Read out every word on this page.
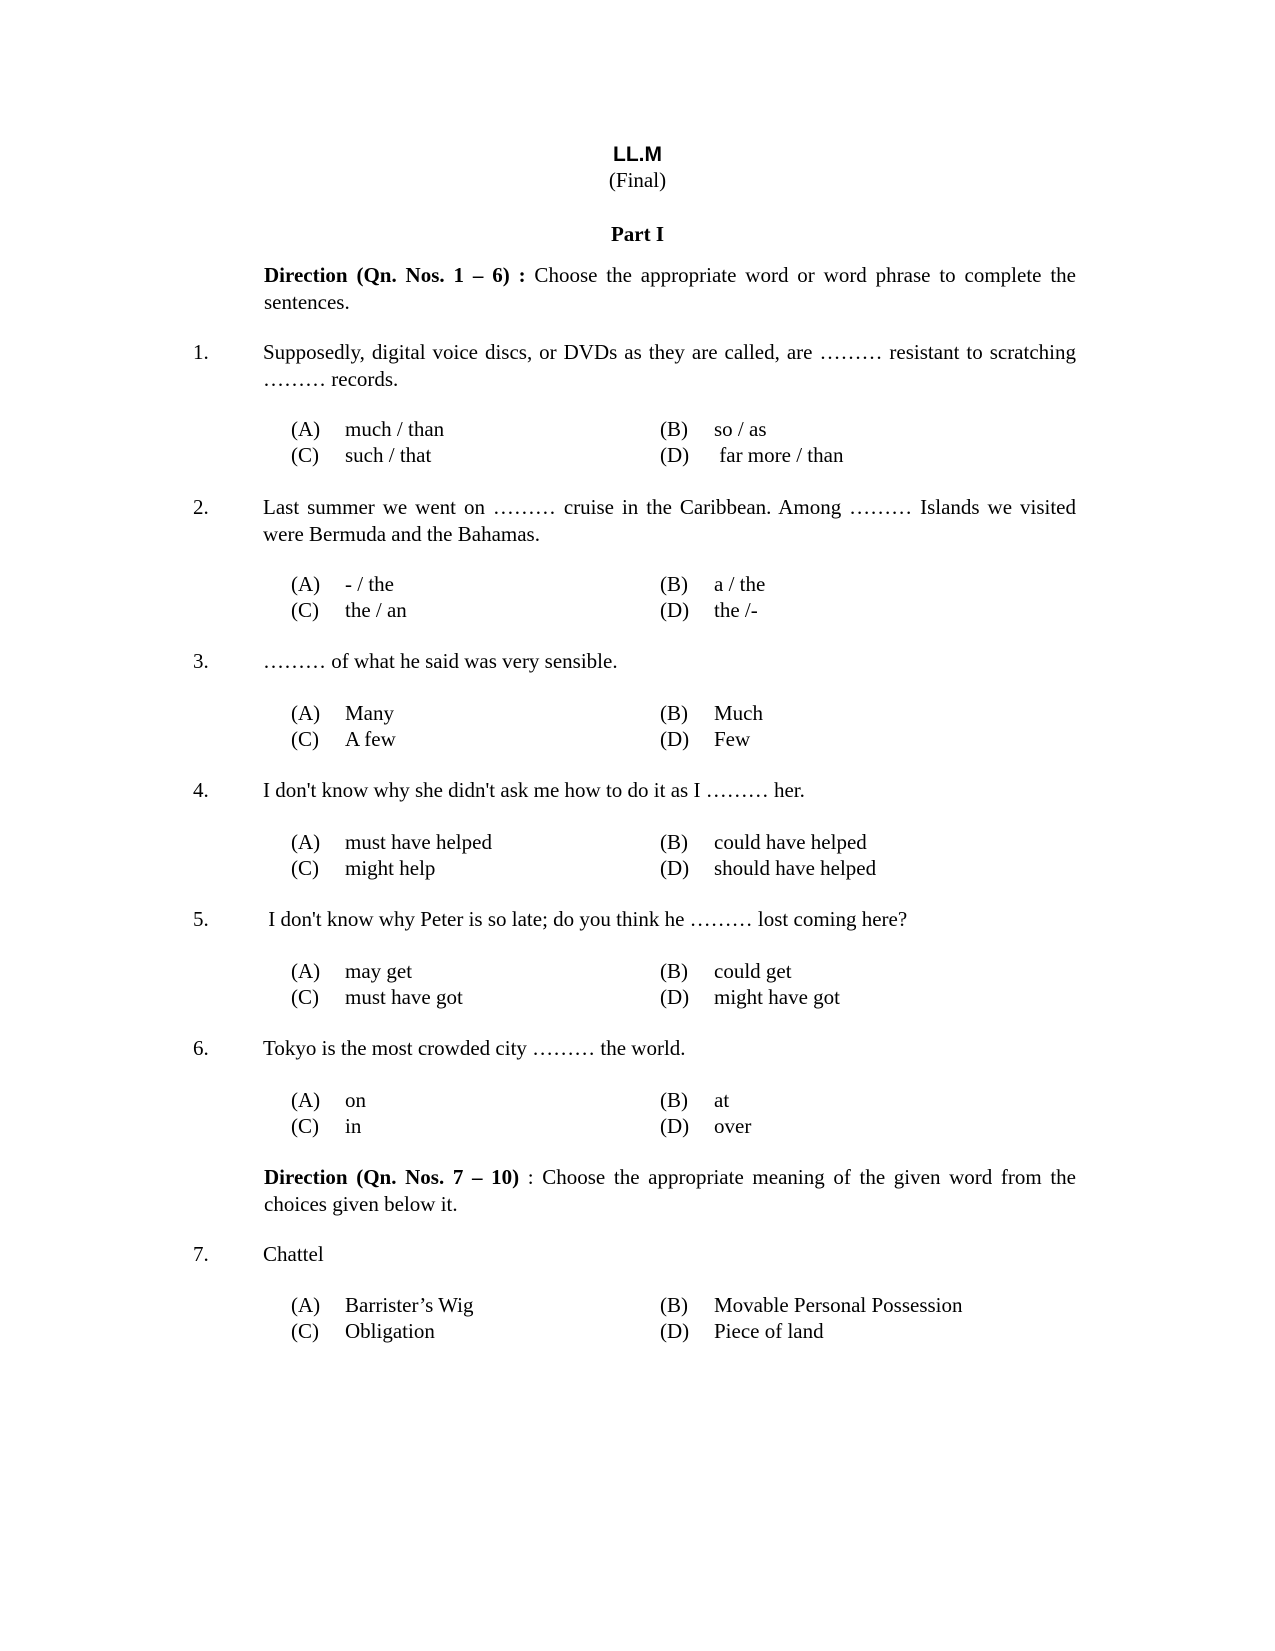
LL.M
(Final)
Part I
Direction (Qn. Nos. 1 – 6) : Choose the appropriate word or word phrase to complete the sentences.
1.	Supposedly, digital voice discs, or DVDs as they are called, are ……… resistant to scratching ……… records.
(A) much / than	(B) so / as
(C) such / that	(D) far more / than
2.	Last summer we went on ……… cruise in the Caribbean. Among ……… Islands we visited were Bermuda and the Bahamas.
(A) - / the	(B) a / the
(C) the / an	(D) the /-
3.	……… of what he said was very sensible.
(A) Many	(B) Much
(C) A few	(D) Few
4.	I don't know why she didn't ask me how to do it as I ……… her.
(A) must have helped	(B) could have helped
(C) might help	(D) should have helped
5.	I don't know why Peter is so late; do you think he ……… lost coming here?
(A) may get	(B) could get
(C) must have got	(D) might have got
6.	Tokyo is the most crowded city ……… the world.
(A) on	(B) at
(C) in	(D) over
Direction (Qn. Nos. 7 – 10) : Choose the appropriate meaning of the given word from the choices given below it.
7.	Chattel
(A) Barrister’s Wig	(B) Movable Personal Possession
(C) Obligation	(D) Piece of land
